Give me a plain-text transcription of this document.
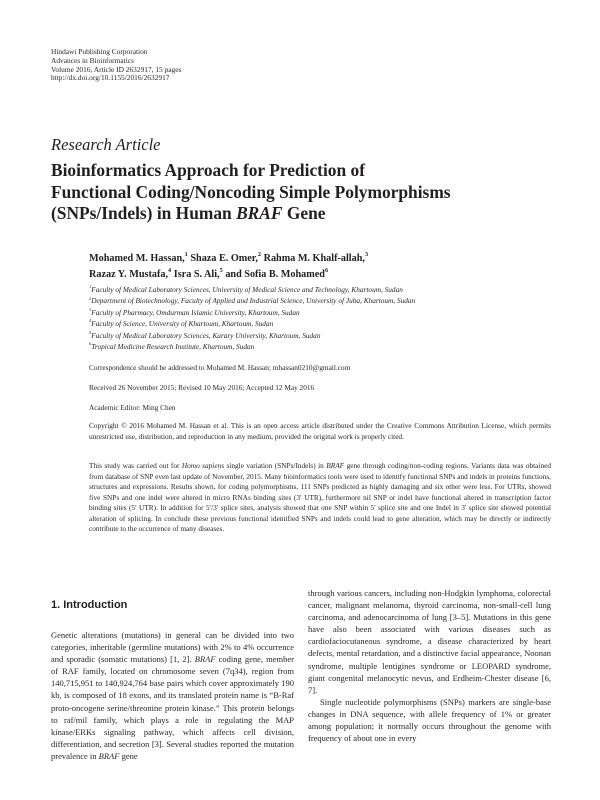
Hindawi Publishing Corporation
Advances in Bioinformatics
Volume 2016, Article ID 2632917, 15 pages
http://dx.doi.org/10.1155/2016/2632917
Research Article
Bioinformatics Approach for Prediction of
Functional Coding/Noncoding Simple Polymorphisms
(SNPs/Indels) in Human BRAF Gene
Mohamed M. Hassan,$^1$ Shaza E. Omer,$^2$ Rahma M. Khalf-allah,$^3$
Razaz Y. Mustafa,$^4$ Isra S. Ali,$^5$ and Sofia B. Mohamed$^6$
$^1$Faculty of Medical Laboratory Sciences, University of Medical Science and Technology, Khartoum, Sudan
$^2$Department of Biotechnology, Faculty of Applied and Industrial Science, University of Juba, Khartoum, Sudan
$^3$Faculty of Pharmacy, Omdurman Islamic University, Khartoum, Sudan
$^4$Faculty of Science, University of Khartoum, Khartoum, Sudan
$^5$Faculty of Medical Laboratory Sciences, Karary University, Khartoum, Sudan
$^6$Tropical Medicine Research Institute, Khartoum, Sudan
Correspondence should be addressed to Mohamed M. Hassan; mhassan0210@gmail.com
Received 26 November 2015; Revised 10 May 2016; Accepted 12 May 2016
Academic Editor: Ming Chen
Copyright © 2016 Mohamed M. Hassan et al. This is an open access article distributed under the Creative Commons Attribution License, which permits unrestricted use, distribution, and reproduction in any medium, provided the original work is properly cited.
This study was carried out for Homo sapiens single variation (SNPs/Indels) in BRAF gene through coding/non-coding regions. Variants data was obtained from database of SNP even last update of November, 2015. Many bioinformatics tools were used to identify functional SNPs and indels in proteins functions, structures and expressions. Results shown, for coding polymorphisms, 111 SNPs predicted as highly damaging and six other were less. For UTRs, showed five SNPs and one indel were altered in micro RNAs binding sites (3′ UTR), furthermore nil SNP or indel have functional altered in transcription factor binding sites (5′ UTR). In addition for 5′/3′ splice sites, analysis showed that one SNP within 5′ splice site and one Indel in 3′ splice site showed potential alteration of splicing. In conclude these previous functional identified SNPs and indels could lead to gene alteration, which may be directly or indirectly contribute to the occurrence of many diseases.
1. Introduction

Genetic alterations (mutations) in general can be divided into two categories, inheritable (germline mutations) with 2% to 4% occurrence and sporadic (somatic mutations) [1, 2]. BRAF coding gene, member of RAF family, located on chromosome seven (7q34), region from 140,715,951 to 140,924,764 base pairs which cover approximately 190 kb, is composed of 18 exons, and its translated protein name is “B-Raf proto-oncogene serine/threonine protein kinase.” This protein belongs to raf/mil family, which plays a role in regulating the MAP kinase/ERKs signaling pathway, which affects cell division, differentiation, and secretion [3]. Several studies reported the mutation prevalence in BRAF gene

through various cancers, including non-Hodgkin lymphoma, colorectal cancer, malignant melanoma, thyroid carcinoma, non-small-cell lung carcinoma, and adenocarcinoma of lung [3–5]. Mutations in this gene have also been associated with various diseases such as cardiofaciocutaneous syndrome, a disease characterized by heart defects, mental retardation, and a distinctive facial appearance, Noonan syndrome, multiple lentigines syndrome or LEOPARD syndrome, giant congenital melanocytic nevus, and Erdheim-Chester disease [6, 7].

Single nucleotide polymorphisms (SNPs) markers are single-base changes in DNA sequence, with allele frequency of 1% or greater among population; it normally occurs throughout the genome with frequency of about one in every
